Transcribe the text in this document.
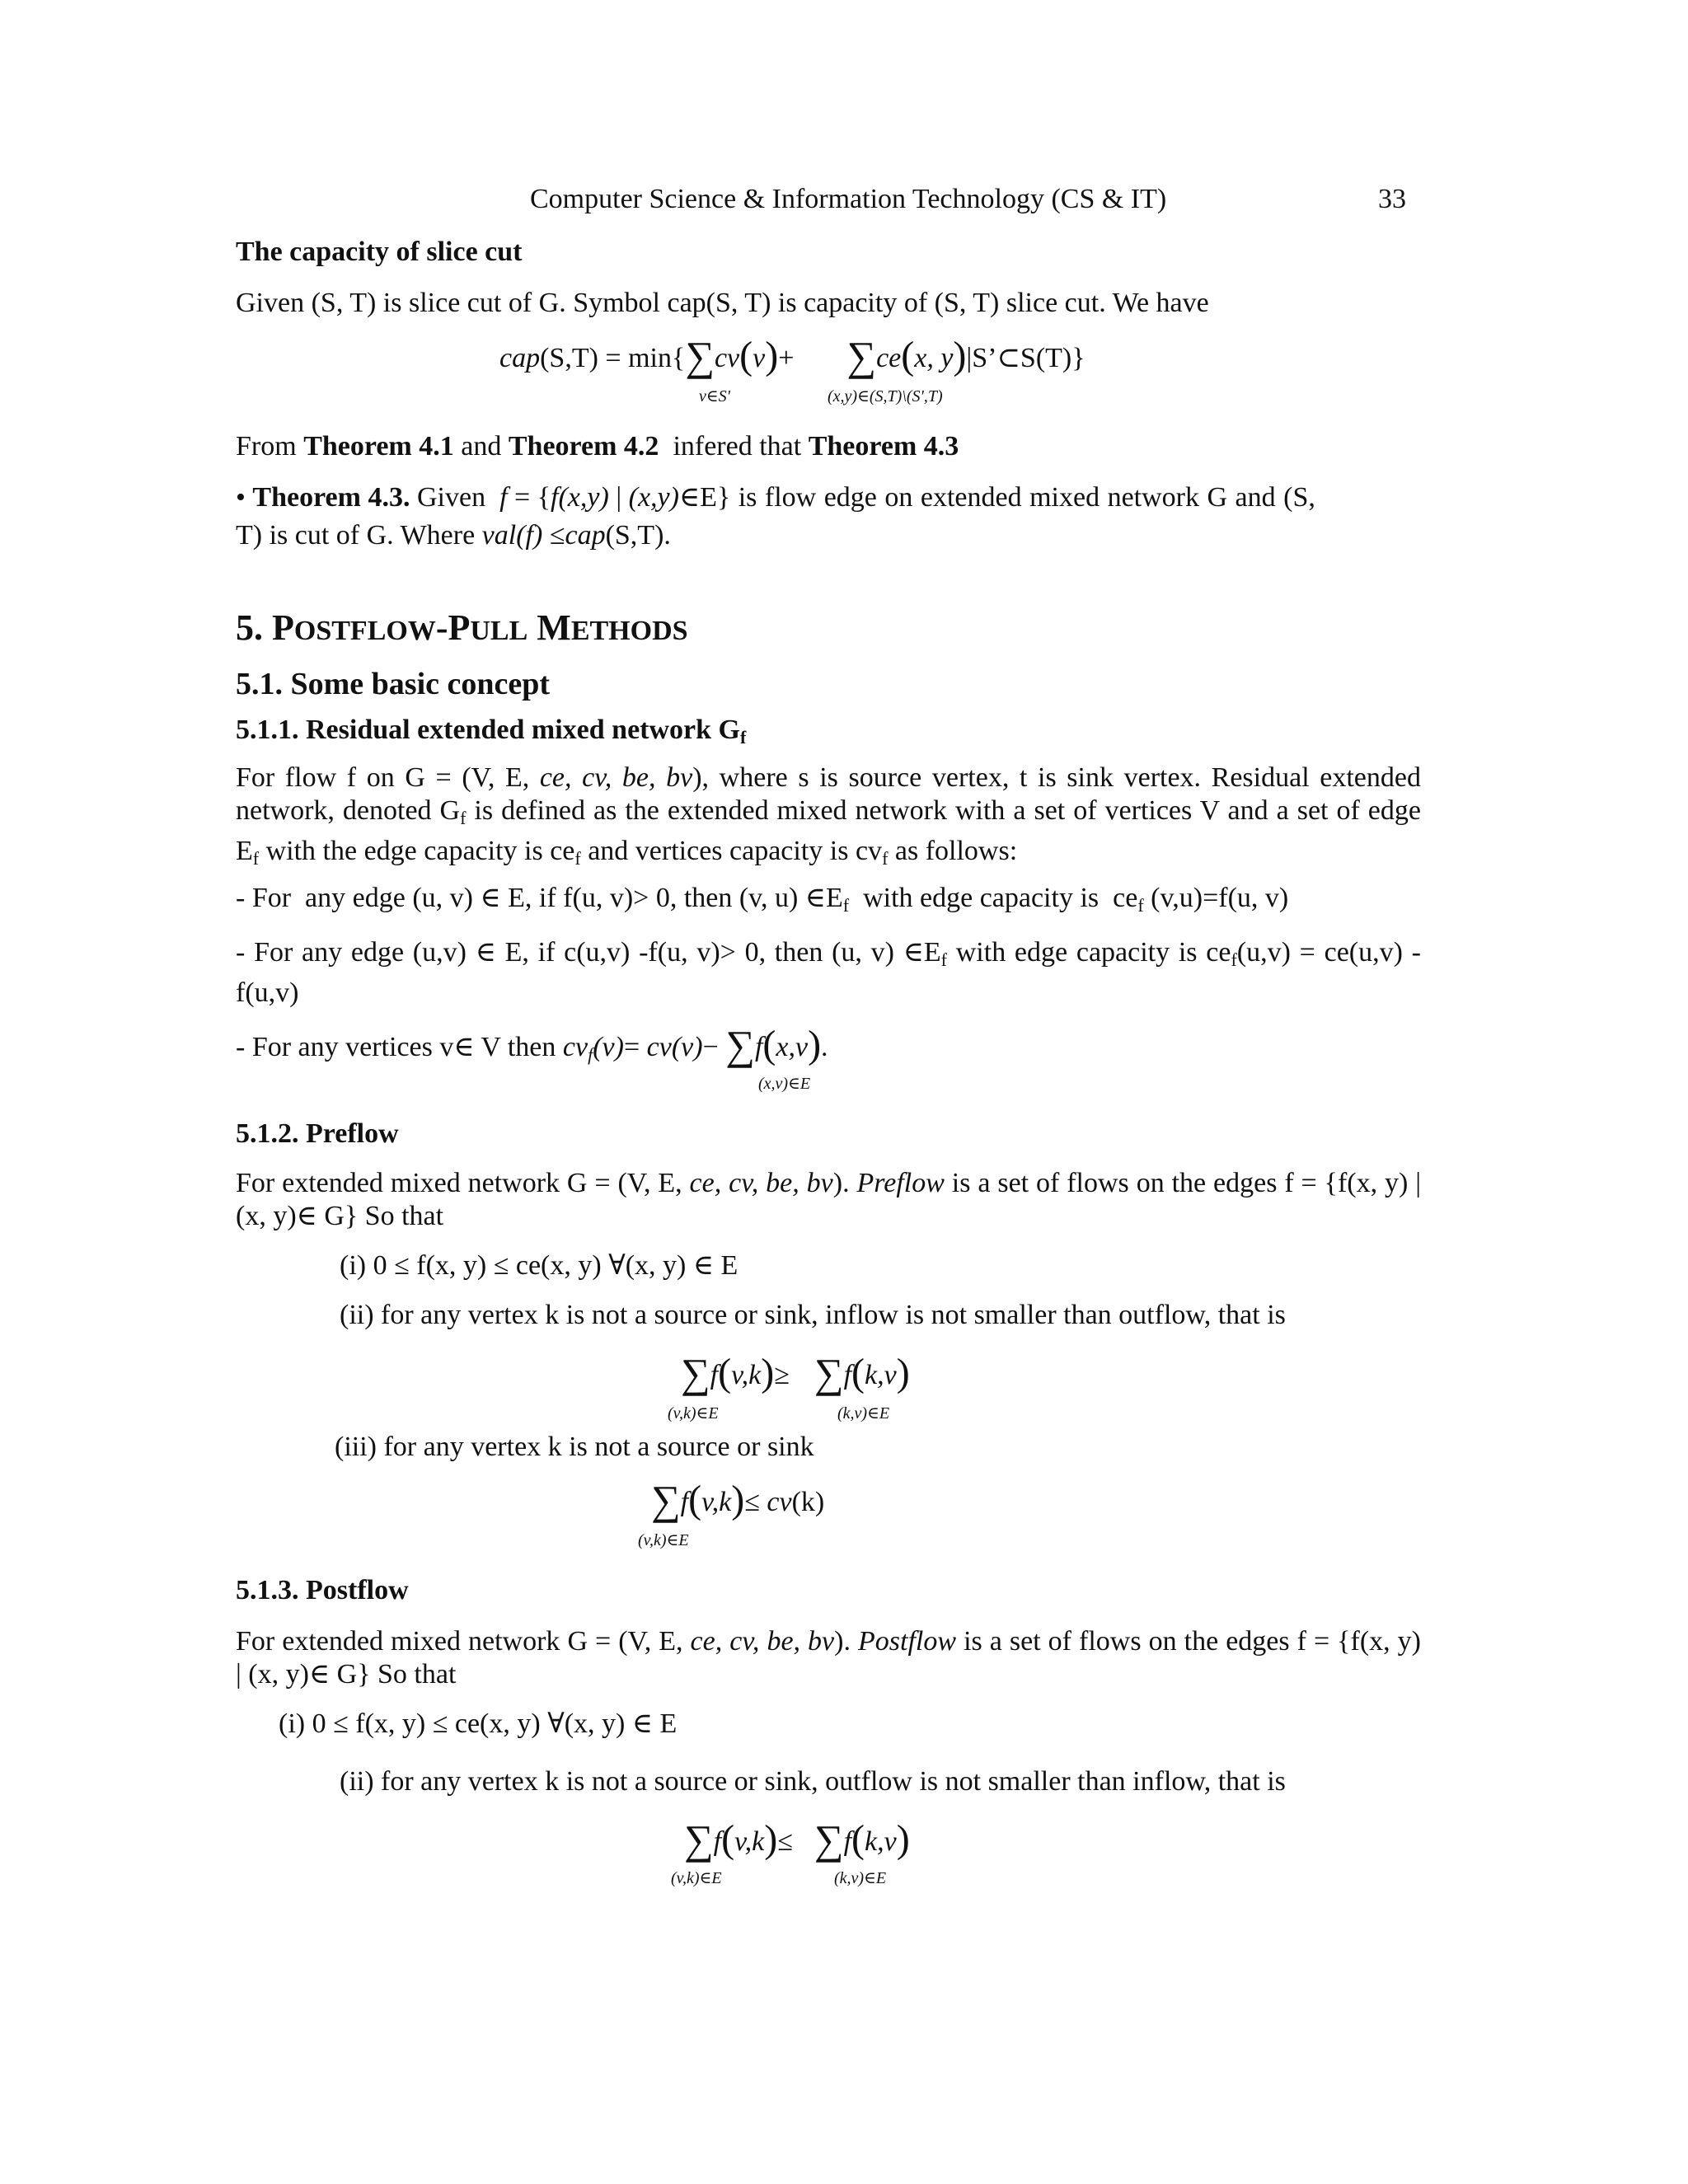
Computer Science & Information Technology (CS & IT)	33
The capacity of slice cut

Given (S, T) is slice cut of G. Symbol cap(S, T) is capacity of (S, T) slice cut. We have

cap(S,T) = min{∑cv(v)+ ∑ce(x, y)|S’⊂S(T)}
v∈S'	(x,y)∈(S,T)\(S',T)

From Theorem 4.1 and Theorem 4.2  infered that Theorem 4.3

• Theorem 4.3. Given  f = {f(x,y) | (x,y)∈E} is flow edge on extended mixed network G and (S,

T) is cut of G. Where val(f) ≤cap(S,T).

5. POSTFLOW-PULL METHODS
5.1. Some basic concept
5.1.1. Residual extended mixed network $G_f$

For flow f on G = (V, E, ce, cv, be, bv), where s is source vertex, t is sink vertex. Residual extended network, denoted $G_f$ is defined as the extended mixed network with a set of vertices V and a set of edge $E_f$ with the edge capacity is $ce_f$ and vertices capacity is $cv_f$ as follows:

- For  any edge (u, v) ∈ E, if f(u, v)> 0, then (v, u) $\in E_f$  with edge capacity is  $ce_f$ (v,u)=f(u, v)

- For any edge (u,v) ∈ E, if c(u,v) -f(u, v)> 0, then (u, v) $\in E_f$ with edge capacity is $ce_f(u,v) = ce(u,v) - f(u,v)$

- For any vertices v∈ V then $cv_f(v)= cv(v)- \sum f(x,v)$.
(x,v)∈E
5.1.2. Preflow

For extended mixed network G = (V, E, ce, cv, be, bv). Preflow is a set of flows on the edges f = {f(x, y) | (x, y)∈ G} So that

(i) 0 ≤ f(x, y) ≤ ce(x, y) ∀(x, y) ∈ E

(ii) for any vertex k is not a source or sink, inflow is not smaller than outflow, that is

∑f(v,k)≥ ∑f(k,v)
(v,k)∈E	(k,v)∈E

(iii) for any vertex k is not a source or sink

∑f(v,k)≤ cv(k)
(v,k)∈E
5.1.3. Postflow

For extended mixed network G = (V, E, ce, cv, be, bv). Postflow is a set of flows on the edges f = {f(x, y) | (x, y)∈ G} So that

(i) 0 ≤ f(x, y) ≤ ce(x, y) ∀(x, y) ∈ E

(ii) for any vertex k is not a source or sink, outflow is not smaller than inflow, that is

∑f(v,k)≤ ∑f(k,v)
(v,k)∈E	(k,v)∈E
